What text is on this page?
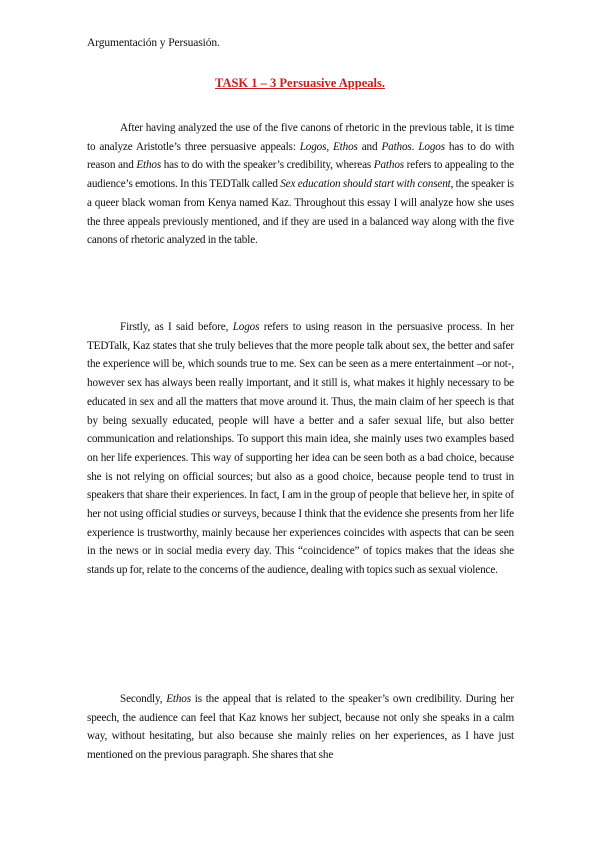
Argumentación y Persuasión.
TASK 1 – 3 Persuasive Appeals.

After having analyzed the use of the five canons of rhetoric in the previous table, it is time to analyze Aristotle’s three persuasive appeals: Logos, Ethos and Pathos. Logos has to do with reason and Ethos has to do with the speaker’s credibility, whereas Pathos refers to appealing to the audience’s emotions. In this TEDTalk called Sex education should start with consent, the speaker is a queer black woman from Kenya named Kaz. Throughout this essay I will analyze how she uses the three appeals previously mentioned, and if they are used in a balanced way along with the five canons of rhetoric analyzed in the table.

Firstly, as I said before, Logos refers to using reason in the persuasive process. In her TEDTalk, Kaz states that she truly believes that the more people talk about sex, the better and safer the experience will be, which sounds true to me. Sex can be seen as a mere entertainment –or not-, however sex has always been really important, and it still is, what makes it highly necessary to be educated in sex and all the matters that move around it. Thus, the main claim of her speech is that by being sexually educated, people will have a better and a safer sexual life, but also better communication and relationships. To support this main idea, she mainly uses two examples based on her life experiences. This way of supporting her idea can be seen both as a bad choice, because she is not relying on official sources; but also as a good choice, because people tend to trust in speakers that share their experiences. In fact, I am in the group of people that believe her, in spite of her not using official studies or surveys, because I think that the evidence she presents from her life experience is trustworthy, mainly because her experiences coincides with aspects that can be seen in the news or in social media every day. This “coincidence” of topics makes that the ideas she stands up for, relate to the concerns of the audience, dealing with topics such as sexual violence.

Secondly, Ethos is the appeal that is related to the speaker’s own credibility. During her speech, the audience can feel that Kaz knows her subject, because not only she speaks in a calm way, without hesitating, but also because she mainly relies on her experiences, as I have just mentioned on the previous paragraph. She shares that she
